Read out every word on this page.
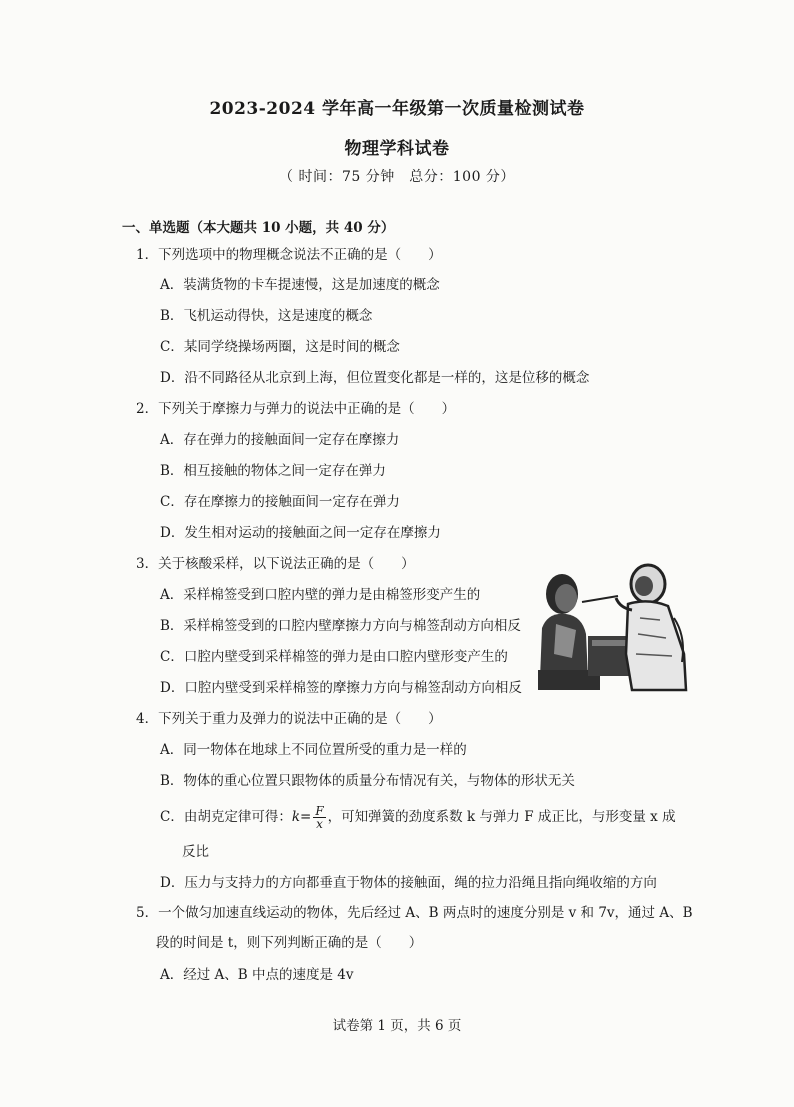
2023-2024 学年高一年级第一次质量检测试卷
物理学科试卷
（ 时间：75 分钟　总分：100 分）
一、单选题（本大题共 10 小题，共 40 分）
1．下列选项中的物理概念说法不正确的是（　　）
A．装满货物的卡车提速慢，这是加速度的概念
B．飞机运动得快，这是速度的概念
C．某同学绕操场两圈，这是时间的概念
D．沿不同路径从北京到上海，但位置变化都是一样的，这是位移的概念
2．下列关于摩擦力与弹力的说法中正确的是（　　）
A．存在弹力的接触面间一定存在摩擦力
B．相互接触的物体之间一定存在弹力
C．存在摩擦力的接触面间一定存在弹力
D．发生相对运动的接触面之间一定存在摩擦力
3．关于核酸采样，以下说法正确的是（　　）
A．采样棉签受到口腔内壁的弹力是由棉签形变产生的
B．采样棉签受到的口腔内壁摩擦力方向与棉签刮动方向相反
C．口腔内壁受到采样棉签的弹力是由口腔内壁形变产生的
D．口腔内壁受到采样棉签的摩擦力方向与棉签刮动方向相反
4．下列关于重力及弹力的说法中正确的是（　　）
A．同一物体在地球上不同位置所受的重力是一样的
B．物体的重心位置只跟物体的质量分布情况有关，与物体的形状无关
C．由胡克定律可得：$k= \frac{F}{x}$ ，可知弹簧的劲度系数 k 与弹力 F 成正比，与形变量 x 成
反比
D．压力与支持力的方向都垂直于物体的接触面，绳的拉力沿绳且指向绳收缩的方向
5．一个做匀加速直线运动的物体，先后经过 A、B 两点时的速度分别是 v 和 7v，通过 A、B
段的时间是 t，则下列判断正确的是（　　）
A．经过 A、B 中点的速度是 4v
试卷第 1 页，共 6 页
